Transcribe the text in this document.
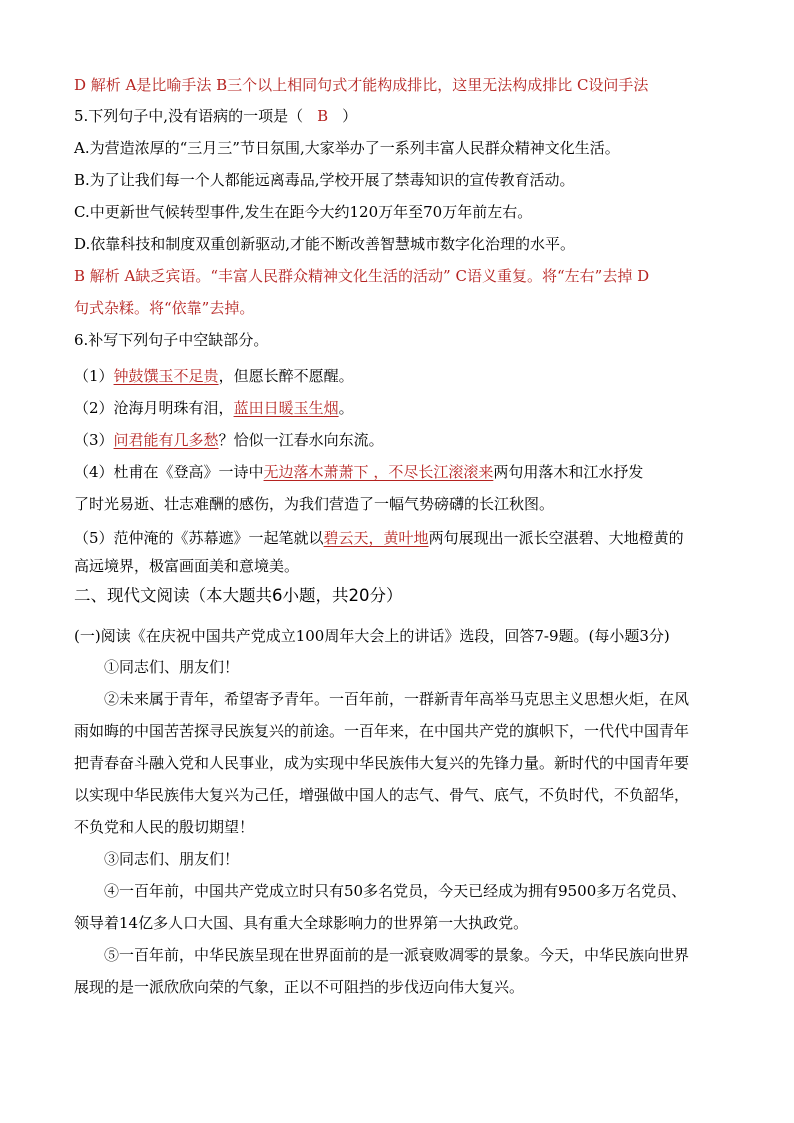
D 解析 A是比喻手法 B三个以上相同句式才能构成排比，这里无法构成排比 C设问手法
5.下列句子中,没有语病的一项是（ B ）
A.为营造浓厚的“三月三”节日氛围,大家举办了一系列丰富人民群众精神文化生活。
B.为了让我们每一个人都能远离毒品,学校开展了禁毒知识的宣传教育活动。
C.中更新世气候转型事件,发生在距今大约120万年至70万年前左右。
D.依靠科技和制度双重创新驱动,才能不断改善智慧城市数字化治理的水平。
B 解析 A缺乏宾语。“丰富人民群众精神文化生活的活动” C语义重复。将“左右”去掉 D
句式杂糅。将“依靠”去掉。
6.补写下列句子中空缺部分。
（1）钟鼓馔玉不足贵，但愿长醉不愿醒。
（2）沧海月明珠有泪，蓝田日暖玉生烟。
（3）问君能有几多愁？恰似一江春水向东流。
（4）杜甫在《登高》一诗中无边落木萧萧下 ，不尽长江滚滚来两句用落木和江水抒发
了时光易逝、壮志难酬的感伤，为我们营造了一幅气势磅礴的长江秋图。
（5）范仲淹的《苏幕遮》一起笔就以碧云天，黄叶地两句展现出一派长空湛碧、大地橙黄的
高远境界，极富画面美和意境美。
二、现代文阅读（本大题共6小题，共20分）
(一)阅读《在庆祝中国共产党成立100周年大会上的讲话》选段，回答7-9题。(每小题3分)
①同志们、朋友们！
②未来属于青年，希望寄予青年。一百年前，一群新青年高举马克思主义思想火炬，在风
雨如晦的中国苦苦探寻民族复兴的前途。一百年来，在中国共产党的旗帜下，一代代中国青年
把青春奋斗融入党和人民事业，成为实现中华民族伟大复兴的先锋力量。新时代的中国青年要
以实现中华民族伟大复兴为己任，增强做中国人的志气、骨气、底气，不负时代，不负韶华，
不负党和人民的殷切期望！
③同志们、朋友们！
④一百年前，中国共产党成立时只有50多名党员，今天已经成为拥有9500多万名党员、
领导着14亿多人口大国、具有重大全球影响力的世界第一大执政党。
⑤一百年前，中华民族呈现在世界面前的是一派衰败凋零的景象。今天，中华民族向世界
展现的是一派欣欣向荣的气象，正以不可阻挡的步伐迈向伟大复兴。
